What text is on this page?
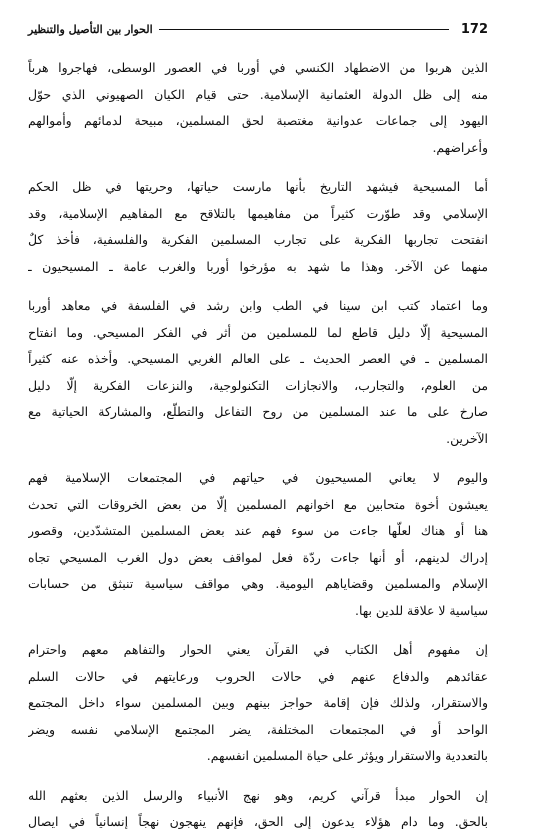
172
الحوار بين التأصيل والتنظير

الذين هربوا من الاضطهاد الكنسي في أوربا في العصور الوسطى، فهاجروا هرباً
منه إلى ظل الدولة العثمانية الإسلامية. حتى قيام الكيان الصهيوني الذي حوّل
اليهود إلى جماعات عدوانية مغتصبة لحق المسلمين، مبيحة لدمائهم وأموالهم
وأعراضهم.

أما المسيحية فيشهد التاريخ بأنها مارست حياتها، وحريتها في ظل الحكم
الإسلامي وقد طوّرت كثيراً من مفاهيمها بالتلاقح مع المفاهيم الإسلامية، وقد
انفتحت تجاربها الفكرية على تجارب المسلمين الفكرية والفلسفية، فأخذ كلٌ
منهما عن الآخر. وهذا ما شهد به مؤرخوا أوربا والغرب عامة ـ المسيحيون ـ

وما اعتماد كتب ابن سينا في الطب وابن رشد في الفلسفة في معاهد أوربا
المسيحية إلّا دليل قاطع لما للمسلمين من أثر في الفكر المسيحي. وما انفتاح
المسلمين ـ في العصر الحديث ـ على العالم الغربي المسيحي. وأخذه عنه كثيراً
من العلوم، والتجارب، والانجازات التكنولوجية، والنزعات الفكرية إلّا دليل
صارخ على ما عند المسلمين من روح التفاعل والتطلّع، والمشاركة الحياتية مع
الآخرين.

واليوم لا يعاني المسيحيون في حياتهم في المجتمعات الإسلامية فهم
يعيشون أخوة متحابين مع اخوانهم المسلمين إلّا من بعض الخروقات التي تحدث
هنا أو هناك لعلّها جاءت من سوء فهم عند بعض المسلمين المتشدّدين، وقصور
إدراك لدينهم، أو أنها جاءت ردّة فعل لمواقف بعض دول الغرب المسيحي تجاه
الإسلام والمسلمين وقضاياهم اليومية. وهي مواقف سياسية تنبثق من حسابات
سياسية لا علاقة للدين بها.

إن مفهوم أهل الكتاب في القرآن يعني الحوار والتفاهم معهم واحترام
عقائدهم والدفاع عنهم في حالات الحروب ورعايتهم في حالات السلم
والاستقرار، ولذلك فإن إقامة حواجز بينهم وبين المسلمين سواء داخل المجتمع
الواحد أو في المجتمعات المختلفة، يضر المجتمع الإسلامي نفسه ويضر
بالتعددية والاستقرار ويؤثر على حياة المسلمين انفسهم.

إن الحوار مبدأ قرآني كريم، وهو نهج الأنبياء والرسل الذين بعثهم الله
بالحق. وما دام هؤلاء يدعون إلى الحق، فإنهم ينهجون نهجاً إنسانياً في ايصال
